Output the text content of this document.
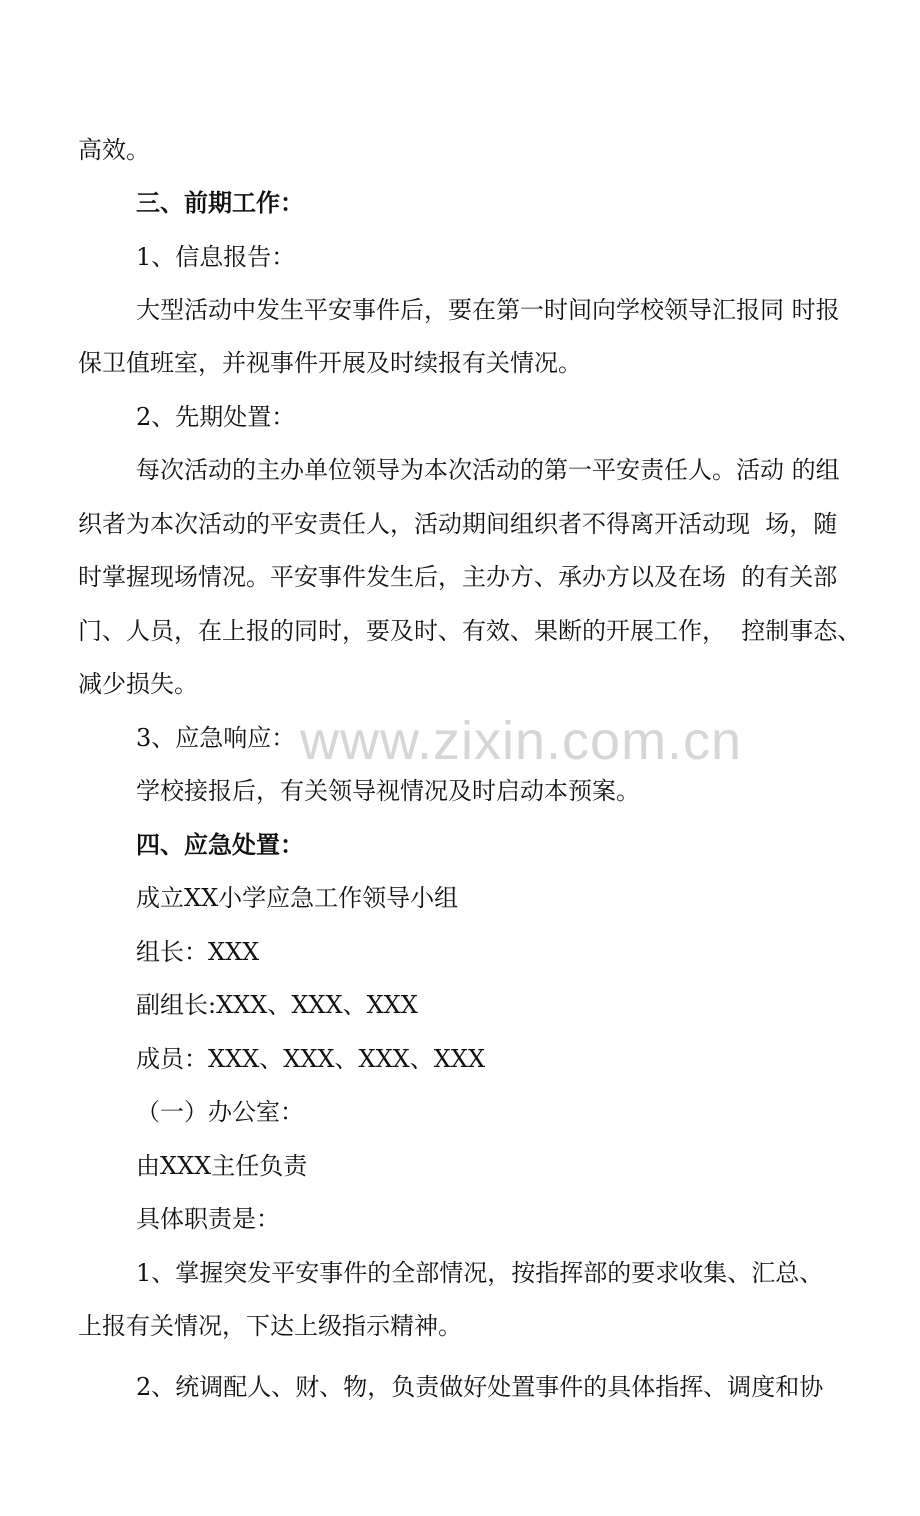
www.zixin.com.cn
高效。
三、前期工作：
1、信息报告：
大型活动中发生平安事件后，要在第一时间向学校领导汇报同 时报
保卫值班室，并视事件开展及时续报有关情况。
2、先期处置：
每次活动的主办单位领导为本次活动的第一平安责任人。活动 的组
织者为本次活动的平安责任人，活动期间组织者不得离开活动现  场，随
时掌握现场情况。平安事件发生后，主办方、承办方以及在场  的有关部
门、人员，在上报的同时，要及时、有效、果断的开展工作，  控制事态、
减少损失。
3、应急响应：
学校接报后，有关领导视情况及时启动本预案。
四、应急处置：
成立XX小学应急工作领导小组
组长：XXX
副组长:XXX、XXX、XXX
成员：XXX、XXX、XXX、XXX
（一）办公室：
由XXX主任负责
具体职责是：
1、掌握突发平安事件的全部情况，按指挥部的要求收集、汇总、
上报有关情况，下达上级指示精神。
2、统调配人、财、物，负责做好处置事件的具体指挥、调度和协
